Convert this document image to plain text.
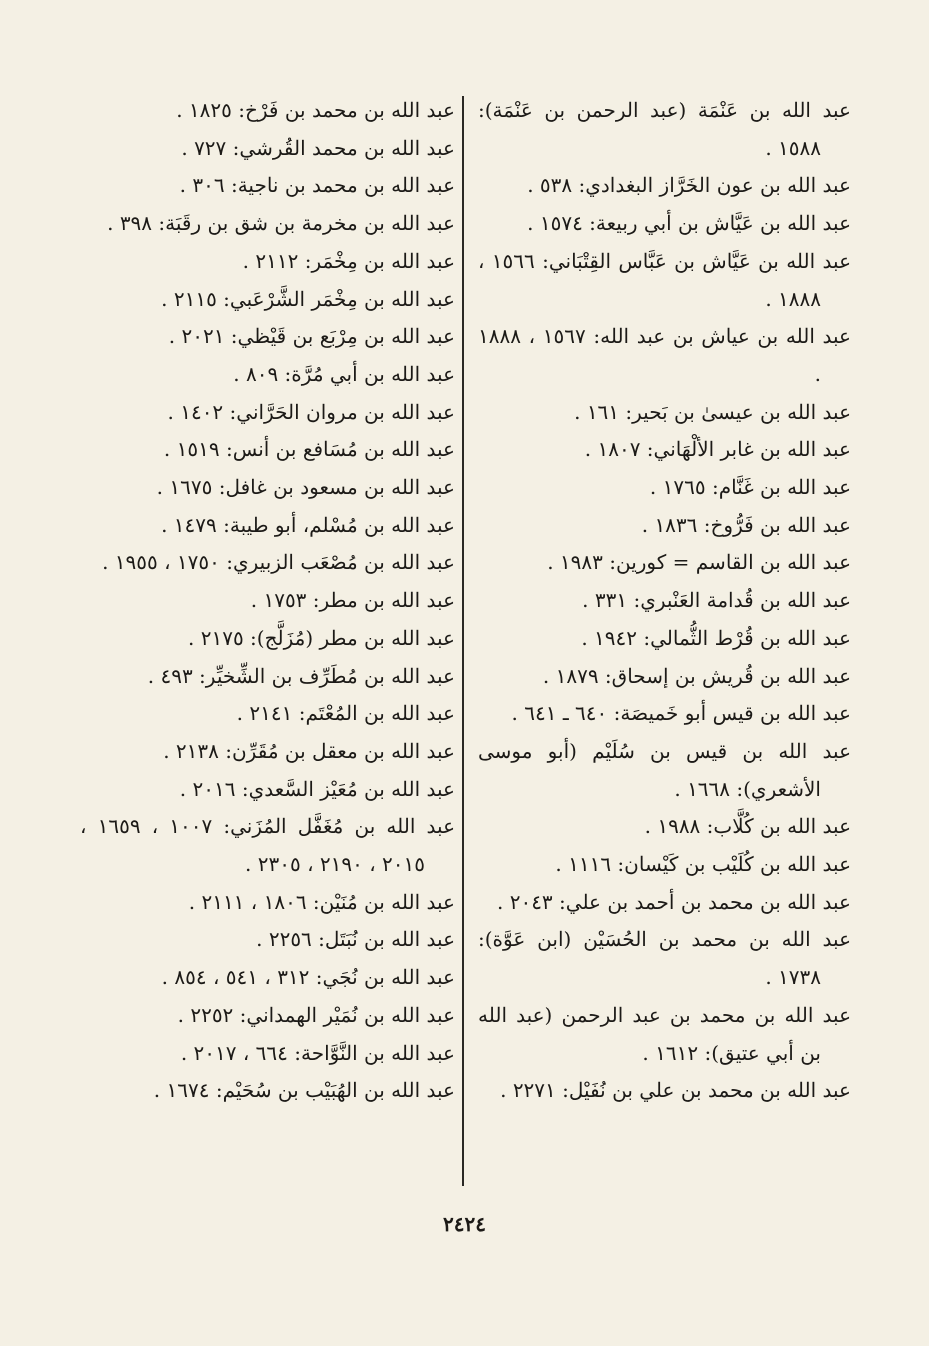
عبد الله بن عَنْمَة (عبد الرحمن بن عَنْمَة): ١٥٨٨ .

عبد الله بن عون الخَرَّاز البغدادي: ٥٣٨ .

عبد الله بن عَيَّاش بن أبي ربيعة: ١٥٧٤ .

عبد الله بن عَيَّاش بن عَبَّاس القِتْبَاني: ١٥٦٦ ، ١٨٨٨ .

عبد الله بن عياش بن عبد الله: ١٥٦٧ ، ١٨٨٨ .

عبد الله بن عيسىٰ بن بَحير: ١٦١ .

عبد الله بن غابر الألْهَاني: ١٨٠٧ .

عبد الله بن غَنَّام: ١٧٦٥ .

عبد الله بن فَرُّوخ: ١٨٣٦ .

عبد الله بن القاسم = كورين: ١٩٨٣ .

عبد الله بن قُدامة العَنْبري: ٣٣١ .

عبد الله بن قُرْط الثُّمالي: ١٩٤٢ .

عبد الله بن قُريش بن إسحاق: ١٨٧٩ .

عبد الله بن قيس أبو خَميصَة: ٦٤٠ ـ ٦٤١ .

عبد الله بن قيس بن سُلَيْم (أبو موسى الأشعري): ١٦٦٨ .

عبد الله بن كُلَّاب: ١٩٨٨ .

عبد الله بن كُلَيْب بن كَيْسان: ١١١٦ .

عبد الله بن محمد بن أحمد بن علي: ٢٠٤٣ .

عبد الله بن محمد بن الحُسَيْن (ابن عَوَّة): ١٧٣٨ .

عبد الله بن محمد بن عبد الرحمن (عبد الله بن أبي عتيق): ١٦١٢ .

عبد الله بن محمد بن علي بن نُفَيْل: ٢٢٧١ .

عبد الله بن محمد بن فَرْخ: ١٨٢٥ .

عبد الله بن محمد القُرشي: ٧٢٧ .

عبد الله بن محمد بن ناجية: ٣٠٦ .

عبد الله بن مخرمة بن شق بن رقَبَة: ٣٩٨ .

عبد الله بن مِخْمَر: ٢١١٢ .

عبد الله بن مِخْمَر الشَّرْعَبي: ٢١١٥ .

عبد الله بن مِرْبَع بن قَيْظي: ٢٠٢١ .

عبد الله بن أبي مُرَّة: ٨٠٩ .

عبد الله بن مروان الحَرَّاني: ١٤٠٢ .

عبد الله بن مُسَافع بن أنس: ١٥١٩ .

عبد الله بن مسعود بن غافل: ١٦٧٥ .

عبد الله بن مُسْلم، أبو طيبة: ١٤٧٩ .

عبد الله بن مُصْعَب الزبيري: ١٧٥٠ ، ١٩٥٥ .

عبد الله بن مطر: ١٧٥٣ .

عبد الله بن مطر (مُزَلَّج): ٢١٧٥ .

عبد الله بن مُطَرِّف بن الشِّخيِّر: ٤٩٣ .

عبد الله بن المُعْتَم: ٢١٤١ .

عبد الله بن معقل بن مُقَرِّن: ٢١٣٨ .

عبد الله بن مُعَيْز السَّعدي: ٢٠١٦ .

عبد الله بن مُغَفَّل المُزَني: ١٠٠٧ ، ١٦٥٩ ، ٢٠١٥ ، ٢١٩٠ ، ٢٣٠٥ .

عبد الله بن مُنَيْن: ١٨٠٦ ، ٢١١١ .

عبد الله بن نُبَتَل: ٢٢٥٦ .

عبد الله بن نُجَي: ٣١٢ ، ٥٤١ ، ٨٥٤ .

عبد الله بن نُمَيْر الهمداني: ٢٢٥٢ .

عبد الله بن النَّوَّاحة: ٦٦٤ ، ٢٠١٧ .

عبد الله بن الهُبَيْب بن سُحَيْم: ١٦٧٤ .

٢٤٢٤
